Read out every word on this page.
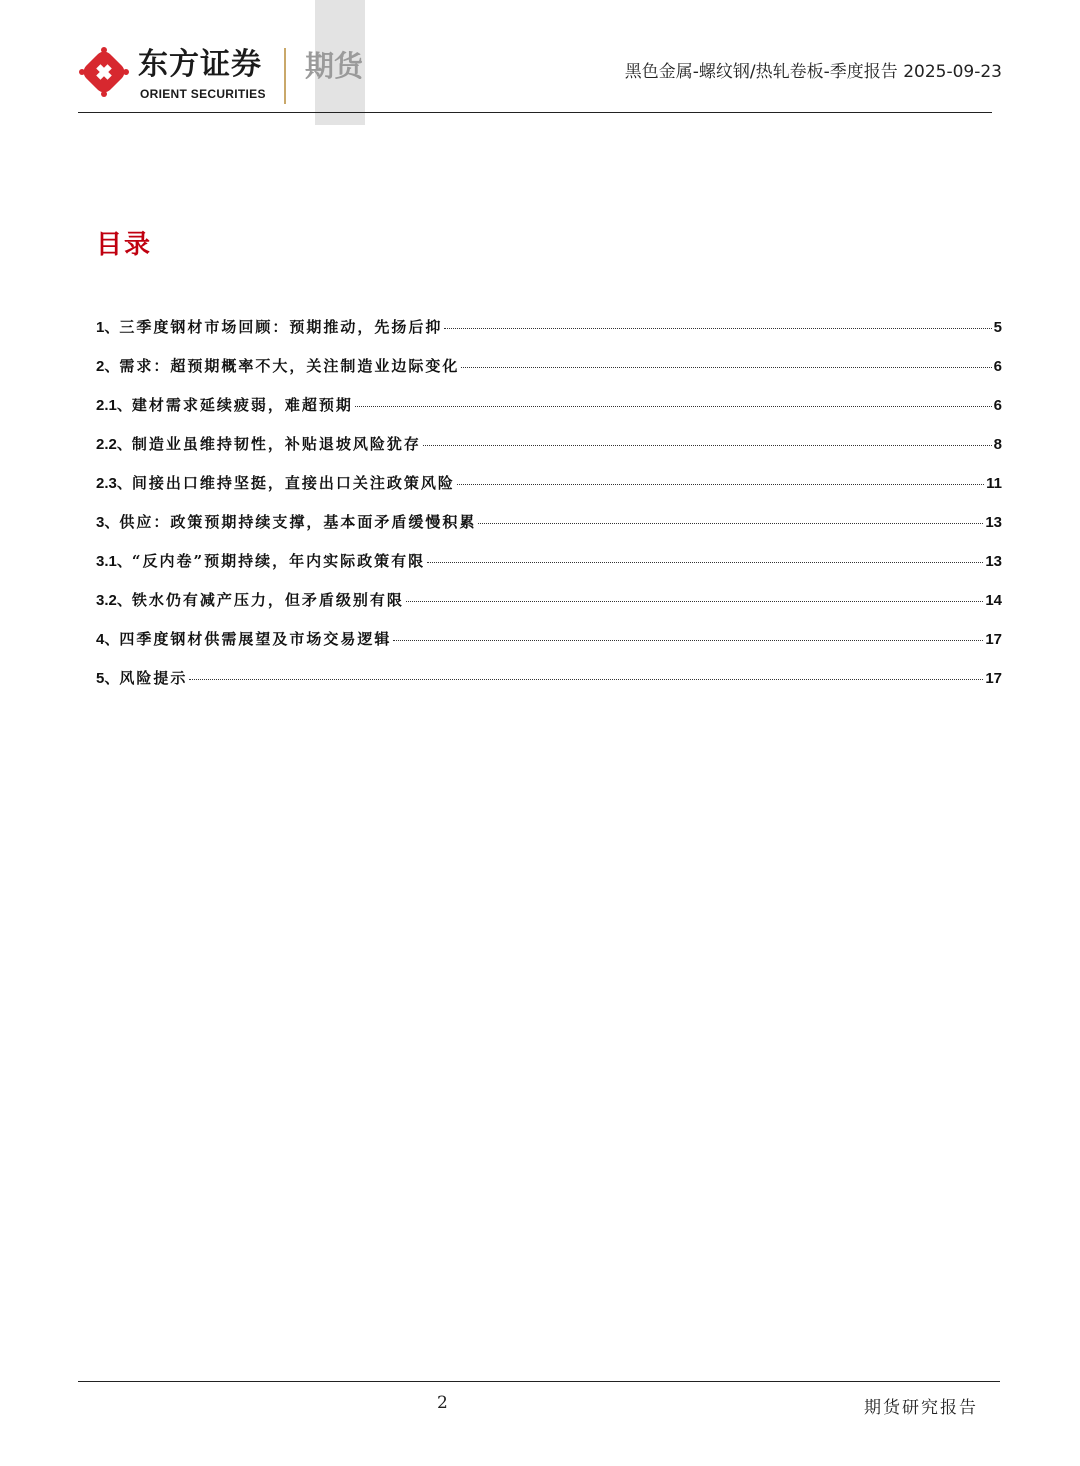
东方证券
ORIENT SECURITIES
期货	黑色金属-螺纹钢/热轧卷板-季度报告 2025-09-23
目录
1、 三季度钢材市场回顾：预期推动，先扬后抑	5
2、 需求：超预期概率不大，关注制造业边际变化	6
2.1、 建材需求延续疲弱，难超预期	6
2.2、 制造业虽维持韧性，补贴退坡风险犹存	8
2.3、 间接出口维持坚挺，直接出口关注政策风险	11
3、 供应：政策预期持续支撑，基本面矛盾缓慢积累	13
3.1、 “反内卷”预期持续，年内实际政策有限	13
3.2、 铁水仍有减产压力，但矛盾级别有限	14
4、 四季度钢材供需展望及市场交易逻辑	17
5、 风险提示	17
2	期货研究报告
